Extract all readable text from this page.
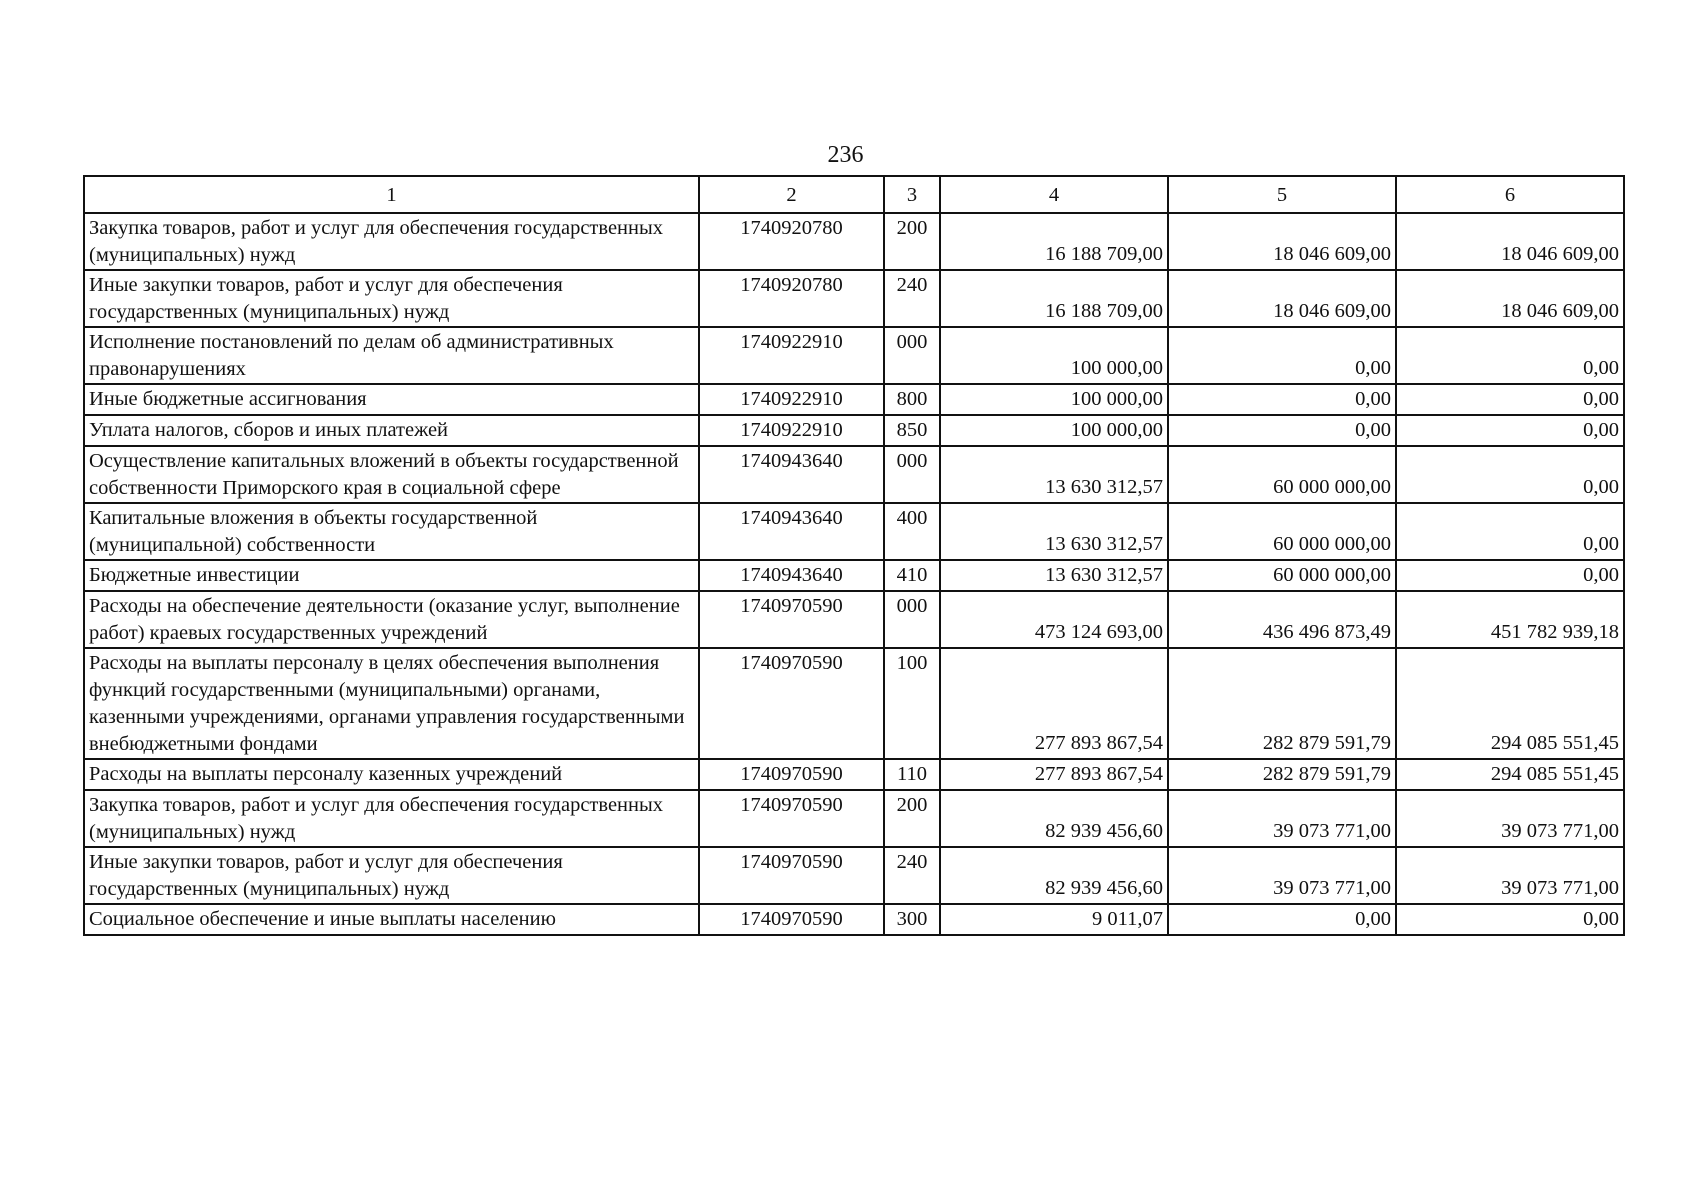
236
1	2	3	4	5	6
Закупка товаров, работ и услуг для обеспечения государственных (муниципальных) нужд	1740920780	200	16 188 709,00	18 046 609,00	18 046 609,00
Иные закупки товаров, работ и услуг для обеспечения государственных (муниципальных) нужд	1740920780	240	16 188 709,00	18 046 609,00	18 046 609,00
Исполнение постановлений по делам об административных правонарушениях	1740922910	000	100 000,00	0,00	0,00
Иные бюджетные ассигнования	1740922910	800	100 000,00	0,00	0,00
Уплата налогов, сборов и иных платежей	1740922910	850	100 000,00	0,00	0,00
Осуществление капитальных вложений в объекты государственной собственности Приморского края в социальной сфере	1740943640	000	13 630 312,57	60 000 000,00	0,00
Капитальные вложения в объекты государственной (муниципальной) собственности	1740943640	400	13 630 312,57	60 000 000,00	0,00
Бюджетные инвестиции	1740943640	410	13 630 312,57	60 000 000,00	0,00
Расходы на обеспечение деятельности (оказание услуг, выполнение работ) краевых государственных учреждений	1740970590	000	473 124 693,00	436 496 873,49	451 782 939,18
Расходы на выплаты персоналу в целях обеспечения выполнения функций государственными (муниципальными) органами, казенными учреждениями, органами управления государственными внебюджетными фондами	1740970590	100	277 893 867,54	282 879 591,79	294 085 551,45
Расходы на выплаты персоналу казенных учреждений	1740970590	110	277 893 867,54	282 879 591,79	294 085 551,45
Закупка товаров, работ и услуг для обеспечения государственных (муниципальных) нужд	1740970590	200	82 939 456,60	39 073 771,00	39 073 771,00
Иные закупки товаров, работ и услуг для обеспечения государственных (муниципальных) нужд	1740970590	240	82 939 456,60	39 073 771,00	39 073 771,00
Социальное обеспечение и иные выплаты населению	1740970590	300	9 011,07	0,00	0,00
